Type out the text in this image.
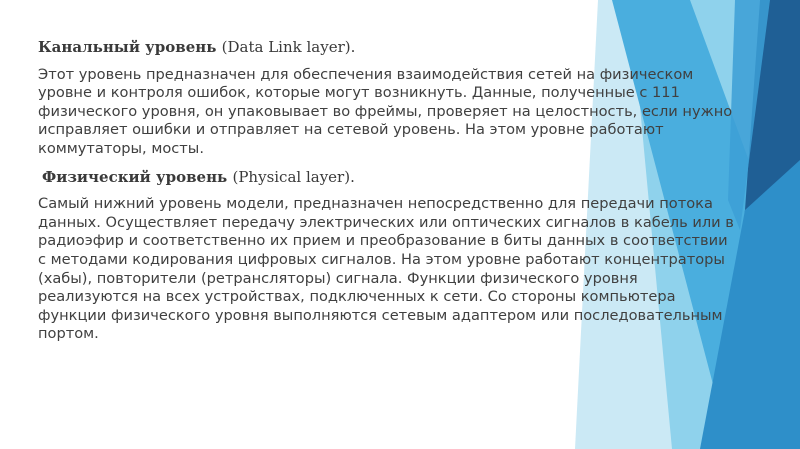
Канальный уровень (Data Link layer).

Этот уровень предназначен для обеспечения взаимодействия сетей на физическом уровне и контроля ошибок, которые могут возникнуть. Данные, полученные с 111 физического уровня, он упаковывает во фреймы, проверяет на целостность, если нужно исправляет ошибки и отправляет на сетевой уровень. На этом уровне работают коммутаторы, мосты.

Физический уровень (Physical layer).

Самый нижний уровень модели, предназначен непосредственно для передачи потока данных. Осуществляет передачу электрических или оптических сигналов в кабель или в радиоэфир и соответственно их прием и преобразование в биты данных в соответствии с методами кодирования цифровых сигналов. На этом уровне работают концентраторы (хабы), повторители (ретрансляторы) сигнала. Функции физического уровня реализуются на всех устройствах, подключенных к сети. Со стороны компьютера функции физического уровня выполняются сетевым адаптером или последовательным портом.
